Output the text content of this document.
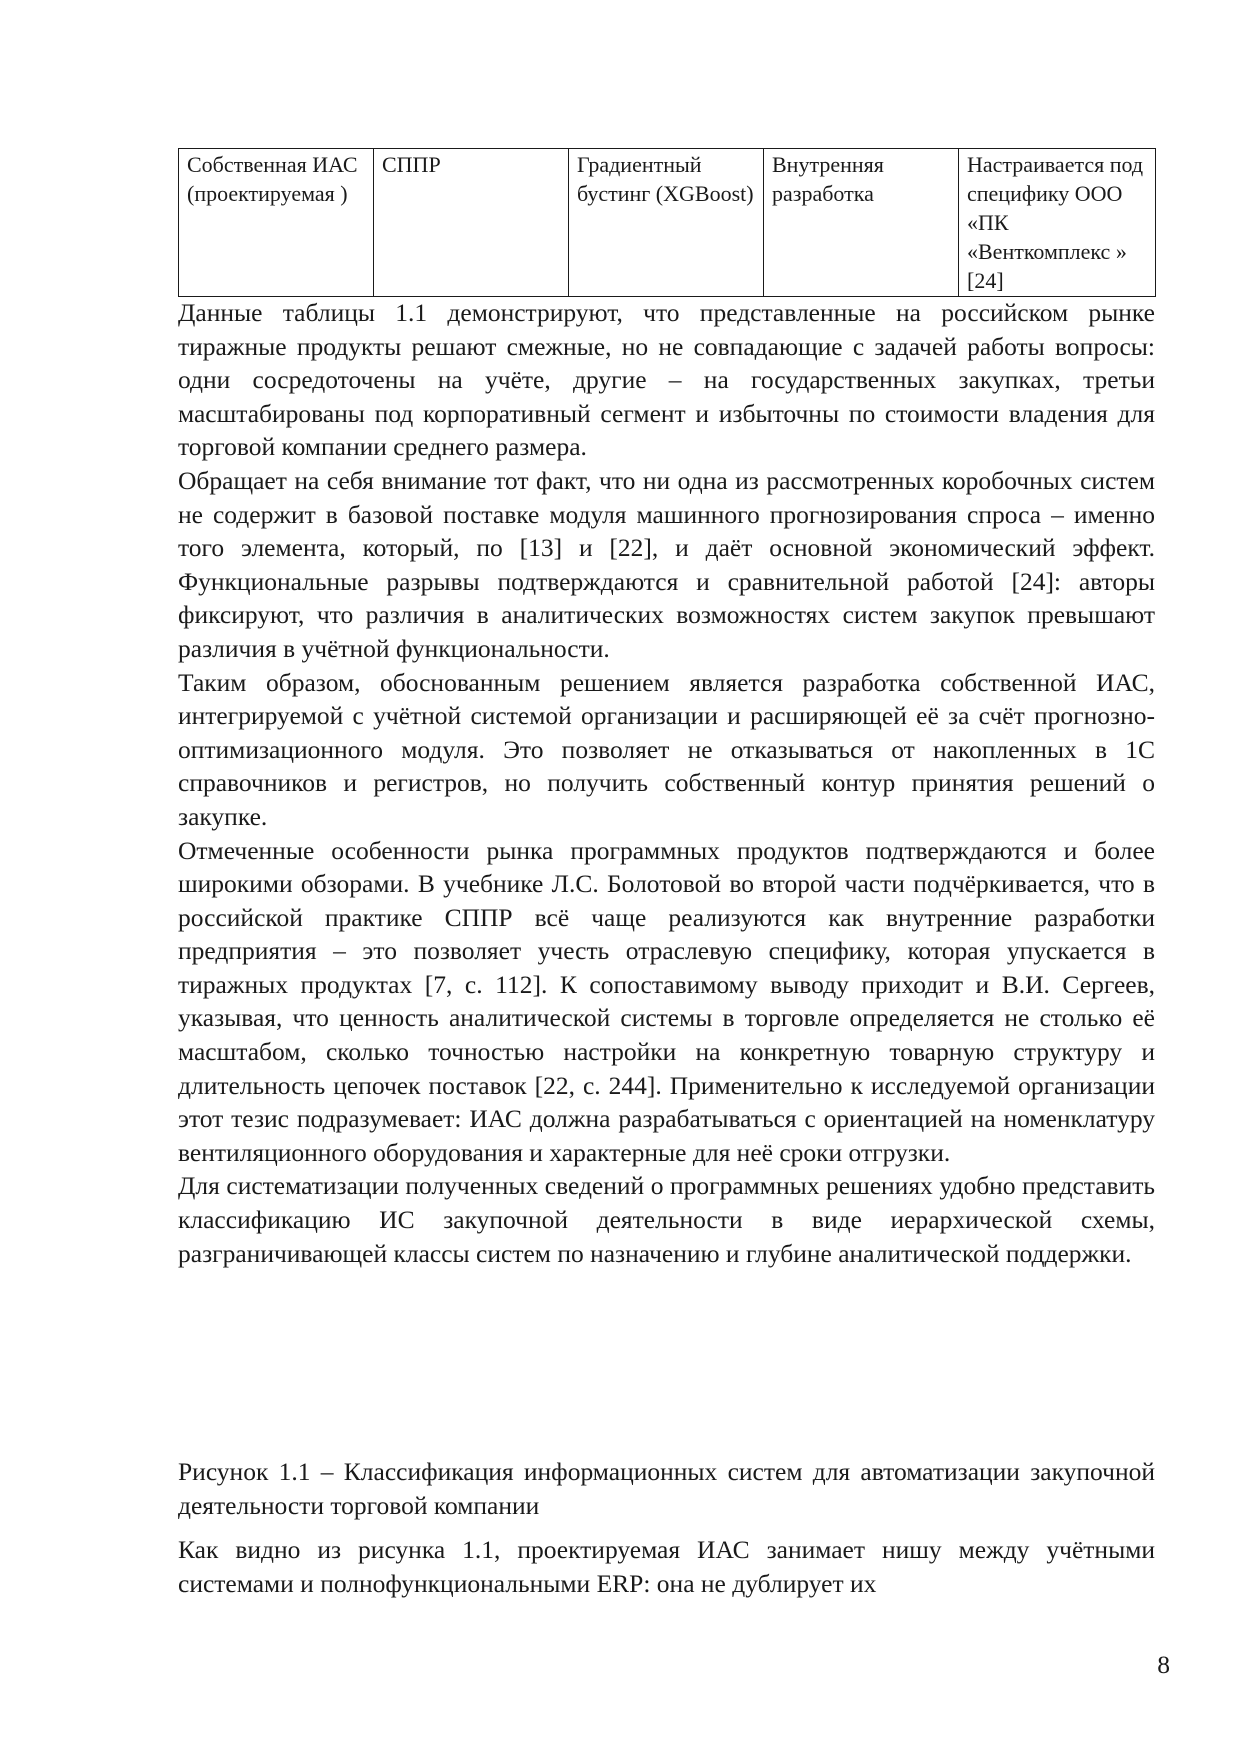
Собственная ИАС (проектируемая )	СППР	Градиентный бустинг (XGBoost)	Внутренняя разработка	Настраивается под специфику ООО «ПК «Венткомплекс » [24]

Данные таблицы 1.1 демонстрируют, что представленные на российском рынке тиражные продукты решают смежные, но не совпадающие с задачей работы вопросы: одни сосредоточены на учёте, другие – на государственных закупках, третьи масштабированы под корпоративный сегмент и избыточны по стоимости владения для торговой компании среднего размера.

Обращает на себя внимание тот факт, что ни одна из рассмотренных коробочных систем не содержит в базовой поставке модуля машинного прогнозирования спроса – именно того элемента, который, по [13] и [22], и даёт основной экономический эффект. Функциональные разрывы подтверждаются и сравнительной работой [24]: авторы фиксируют, что различия в аналитических возможностях систем закупок превышают различия в учётной функциональности.

Таким образом, обоснованным решением является разработка собственной ИАС, интегрируемой с учётной системой организации и расширяющей её за счёт прогнозно-оптимизационного модуля. Это позволяет не отказываться от накопленных в 1С справочников и регистров, но получить собственный контур принятия решений о закупке.

Отмеченные особенности рынка программных продуктов подтверждаются и более широкими обзорами. В учебнике Л.С. Болотовой во второй части подчёркивается, что в российской практике СППР всё чаще реализуются как внутренние разработки предприятия – это позволяет учесть отраслевую специфику, которая упускается в тиражных продуктах [7, с. 112]. К сопоставимому выводу приходит и В.И. Сергеев, указывая, что ценность аналитической системы в торговле определяется не столько её масштабом, сколько точностью настройки на конкретную товарную структуру и длительность цепочек поставок [22, с. 244]. Применительно к исследуемой организации этот тезис подразумевает: ИАС должна разрабатываться с ориентацией на номенклатуру вентиляционного оборудования и характерные для неё сроки отгрузки.

Для систематизации полученных сведений о программных решениях удобно представить классификацию ИС закупочной деятельности в виде иерархической схемы, разграничивающей классы систем по назначению и глубине аналитической поддержки.

Рисунок 1.1 – Классификация информационных систем для автоматизации закупочной деятельности торговой компании

Как видно из рисунка 1.1, проектируемая ИАС занимает нишу между учётными системами и полнофункциональными ERP: она не дублирует их

8
